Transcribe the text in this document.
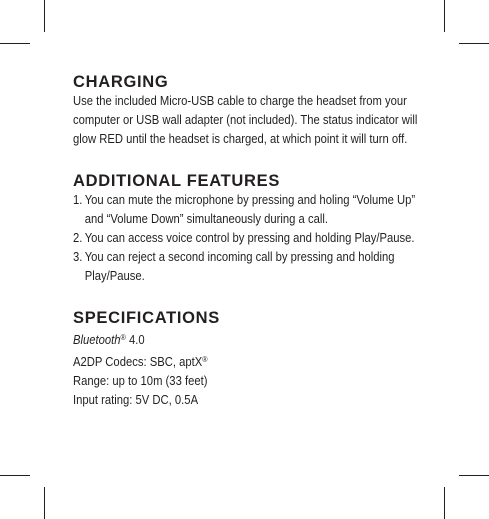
CHARGING

Use the included Micro-USB cable to charge the headset from your computer or USB wall adapter (not included). The status indicator will glow RED until the headset is charged, at which point it will turn off.

ADDITIONAL FEATURES
1. You can mute the microphone by pressing and holing “Volume Up” and “Volume Down” simultaneously during a call.
2. You can access voice control by pressing and holding Play/Pause.
3. You can reject a second incoming call by pressing and holding Play/Pause.
SPECIFICATIONS
Bluetooth® 4.0
A2DP Codecs: SBC, aptX®
Range: up to 10m (33 feet)
Input rating: 5V DC, 0.5A
